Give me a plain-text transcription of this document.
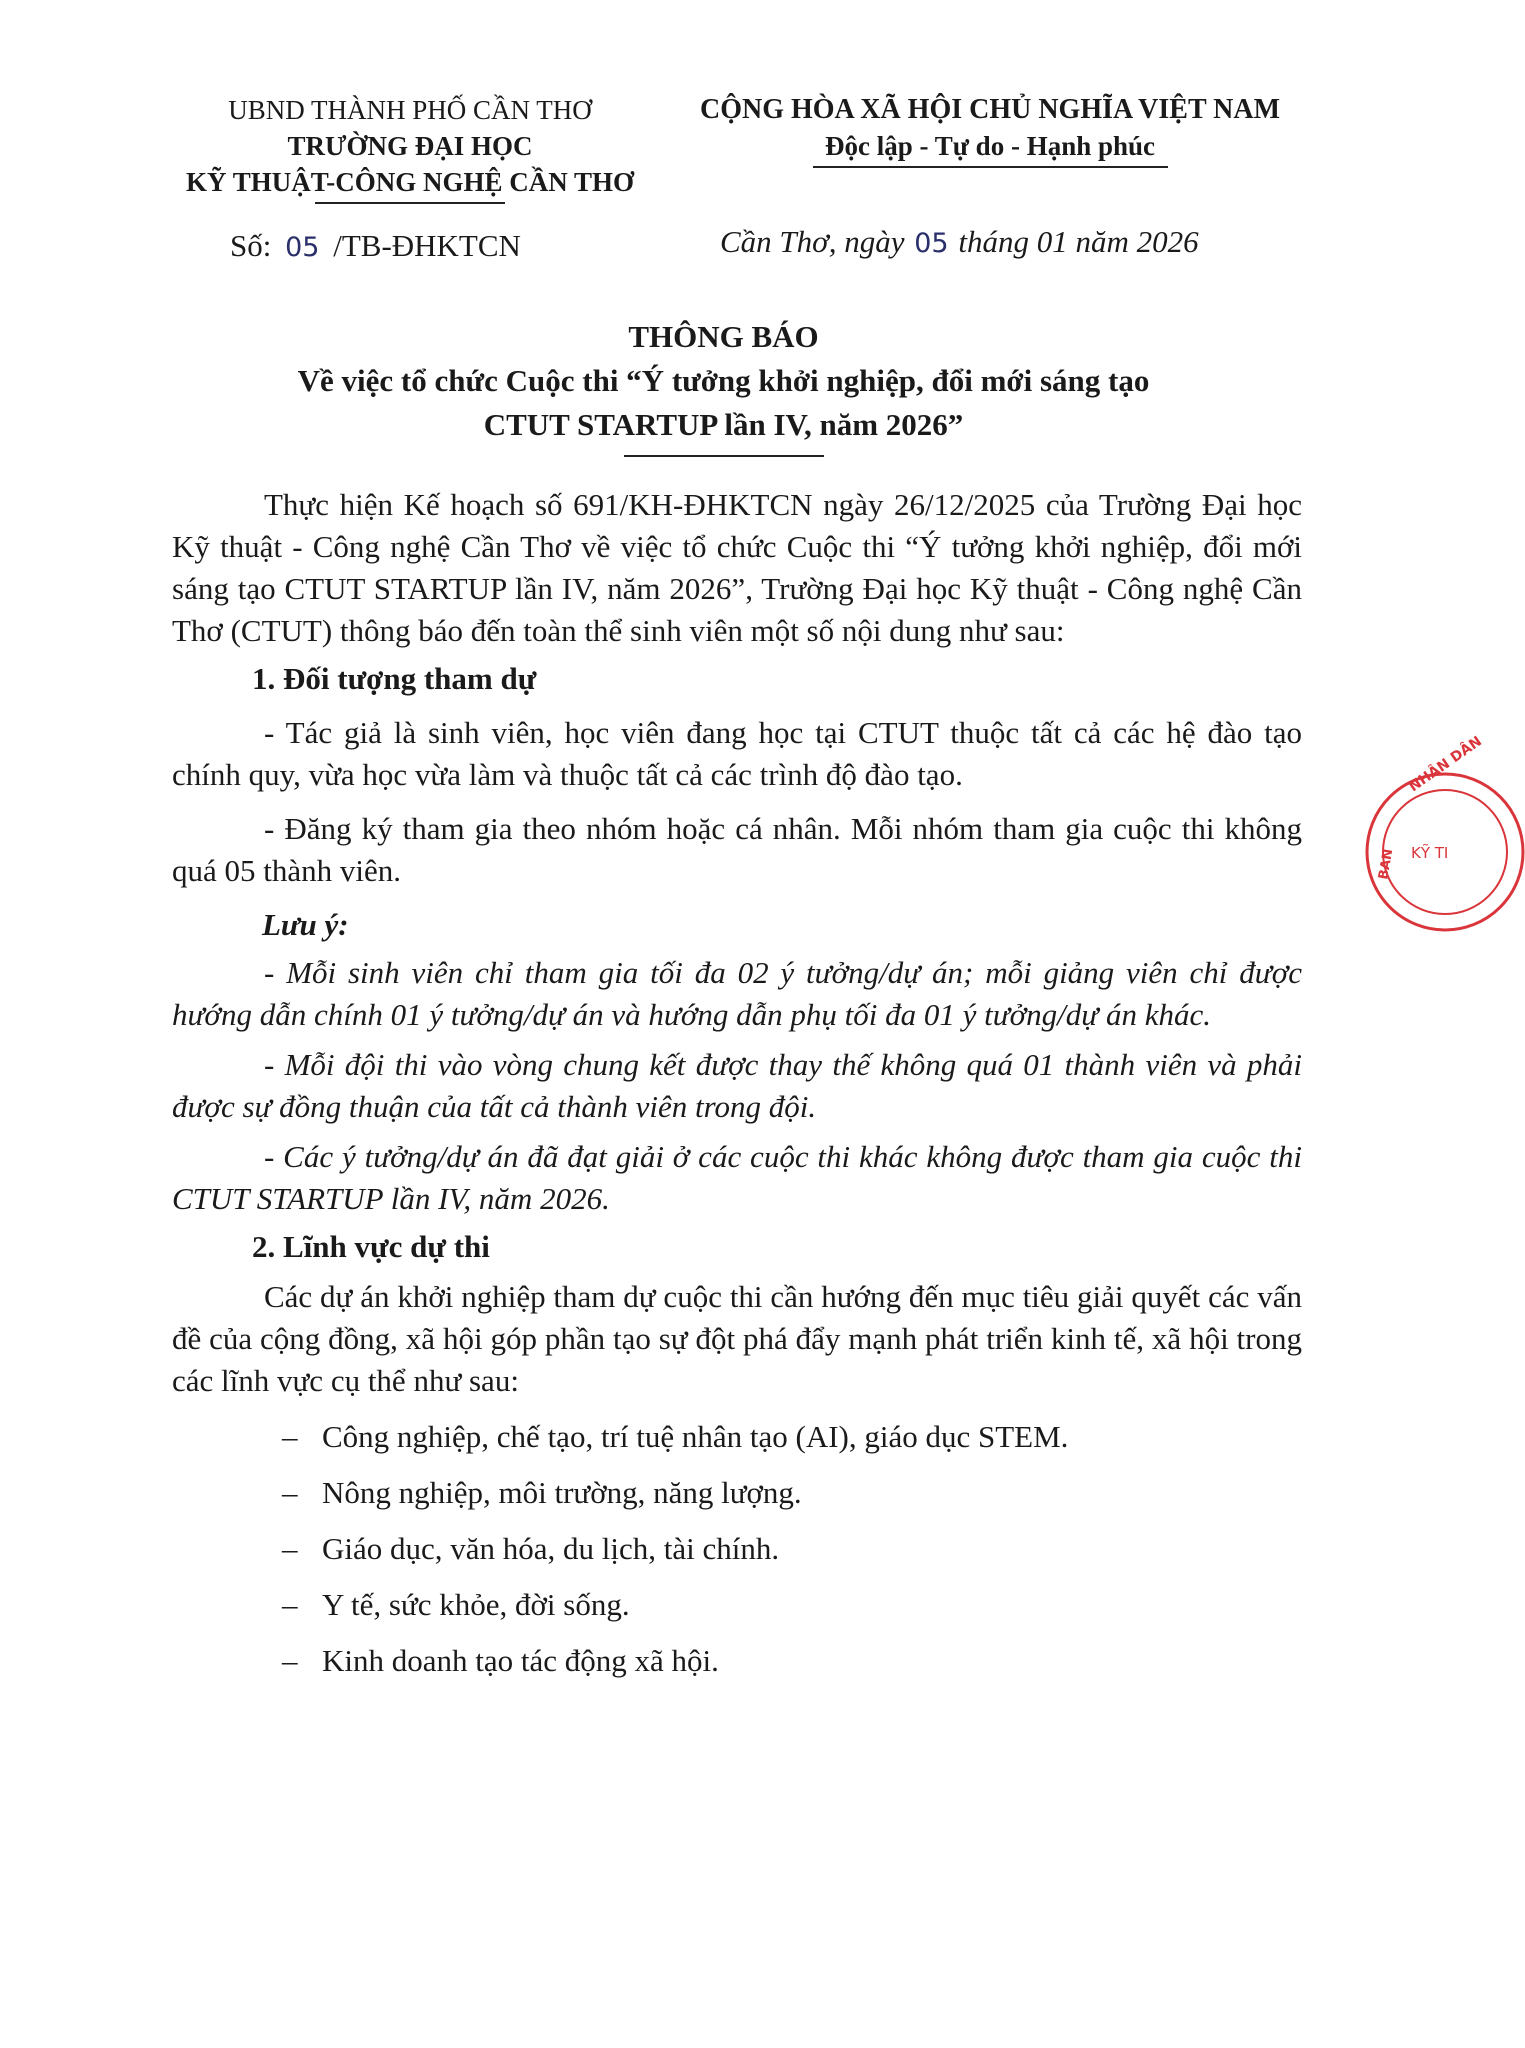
UBND THÀNH PHỐ CẦN THƠ
TRƯỜNG ĐẠI HỌC
KỸ THUẬT-CÔNG NGHỆ CẦN THƠ
CỘNG HÒA XÃ HỘI CHỦ NGHĨA VIỆT NAM
Độc lập - Tự do - Hạnh phúc
Số: 05 /TB-ĐHKTCN	Cần Thơ, ngày 05 tháng 01 năm 2026
THÔNG BÁO
Về việc tổ chức Cuộc thi “Ý tưởng khởi nghiệp, đổi mới sáng tạo
CTUT STARTUP lần IV, năm 2026”

Thực hiện Kế hoạch số 691/KH-ĐHKTCN ngày 26/12/2025 của Trường Đại học Kỹ thuật - Công nghệ Cần Thơ về việc tổ chức Cuộc thi “Ý tưởng khởi nghiệp, đổi mới sáng tạo CTUT STARTUP lần IV, năm 2026”, Trường Đại học Kỹ thuật - Công nghệ Cần Thơ (CTUT) thông báo đến toàn thể sinh viên một số nội dung như sau:

1. Đối tượng tham dự

- Tác giả là sinh viên, học viên đang học tại CTUT thuộc tất cả các hệ đào tạo chính quy, vừa học vừa làm và thuộc tất cả các trình độ đào tạo.

- Đăng ký tham gia theo nhóm hoặc cá nhân. Mỗi nhóm tham gia cuộc thi không quá 05 thành viên.

Lưu ý:

- Mỗi sinh viên chỉ tham gia tối đa 02 ý tưởng/dự án; mỗi giảng viên chỉ được hướng dẫn chính 01 ý tưởng/dự án và hướng dẫn phụ tối đa 01 ý tưởng/dự án khác.

- Mỗi đội thi vào vòng chung kết được thay thế không quá 01 thành viên và phải được sự đồng thuận của tất cả thành viên trong đội.

- Các ý tưởng/dự án đã đạt giải ở các cuộc thi khác không được tham gia cuộc thi CTUT STARTUP lần IV, năm 2026.

2. Lĩnh vực dự thi

Các dự án khởi nghiệp tham dự cuộc thi cần hướng đến mục tiêu giải quyết các vấn đề của cộng đồng, xã hội góp phần tạo sự đột phá đẩy mạnh phát triển kinh tế, xã hội trong các lĩnh vực cụ thể như sau:

– Công nghiệp, chế tạo, trí tuệ nhân tạo (AI), giáo dục STEM.
– Nông nghiệp, môi trường, năng lượng.
– Giáo dục, văn hóa, du lịch, tài chính.
– Y tế, sức khỏe, đời sống.
– Kinh doanh tạo tác động xã hội.
NHÂN DÂN
BAN KỸ TI
